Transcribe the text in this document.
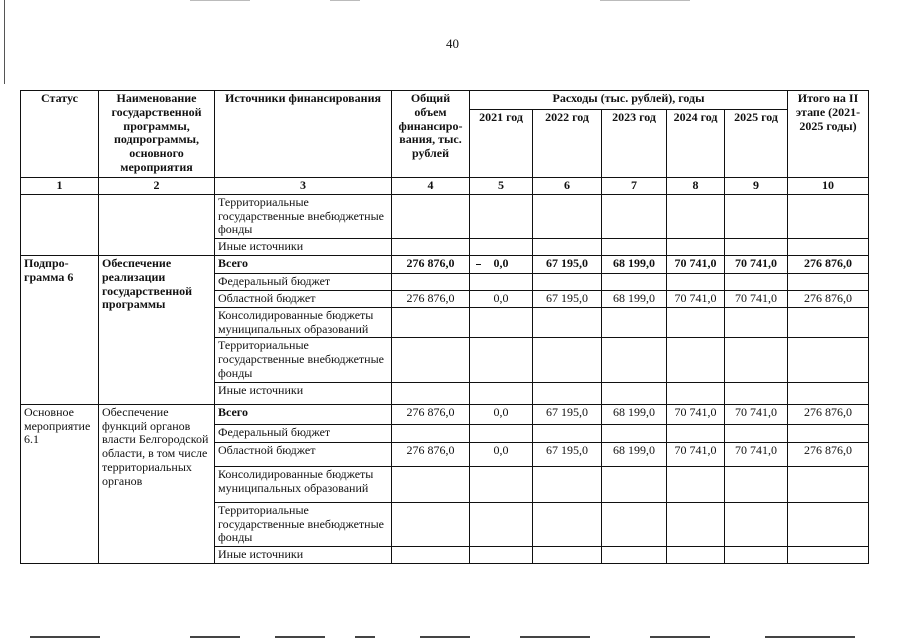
40
Статус	Наименование государственной программы, подпрограммы, основного мероприятия	Источники финансирования	Общий объем финансиро-вания, тыс. рублей	Расходы (тыс. рублей), годы					Итого на II этапе (2021-2025 годы)
				2021 год	2022 год	2023 год	2024 год	2025 год	
1	2	3	4	5	6	7	8	9	10
		Территориальные государственные внебюджетные фонды							
		Иные источники							
Подпро-грамма 6	Обеспечение реализации государственной программы	Всего	276 876,0	0,0	67 195,0	68 199,0	70 741,0	70 741,0	276 876,0
		Федеральный бюджет							
		Областной бюджет	276 876,0	0,0	67 195,0	68 199,0	70 741,0	70 741,0	276 876,0
		Консолидированные бюджеты муниципальных образований							
		Территориальные государственные внебюджетные фонды							
		Иные источники							
Основное мероприятие 6.1	Обеспечение функций органов власти Белгородской области, в том числе территориальных органов	Всего	276 876,0	0,0	67 195,0	68 199,0	70 741,0	70 741,0	276 876,0
		Федеральный бюджет							
		Областной бюджет	276 876,0	0,0	67 195,0	68 199,0	70 741,0	70 741,0	276 876,0
		Консолидированные бюджеты муниципальных образований							
		Территориальные государственные внебюджетные фонды							
		Иные источники							
